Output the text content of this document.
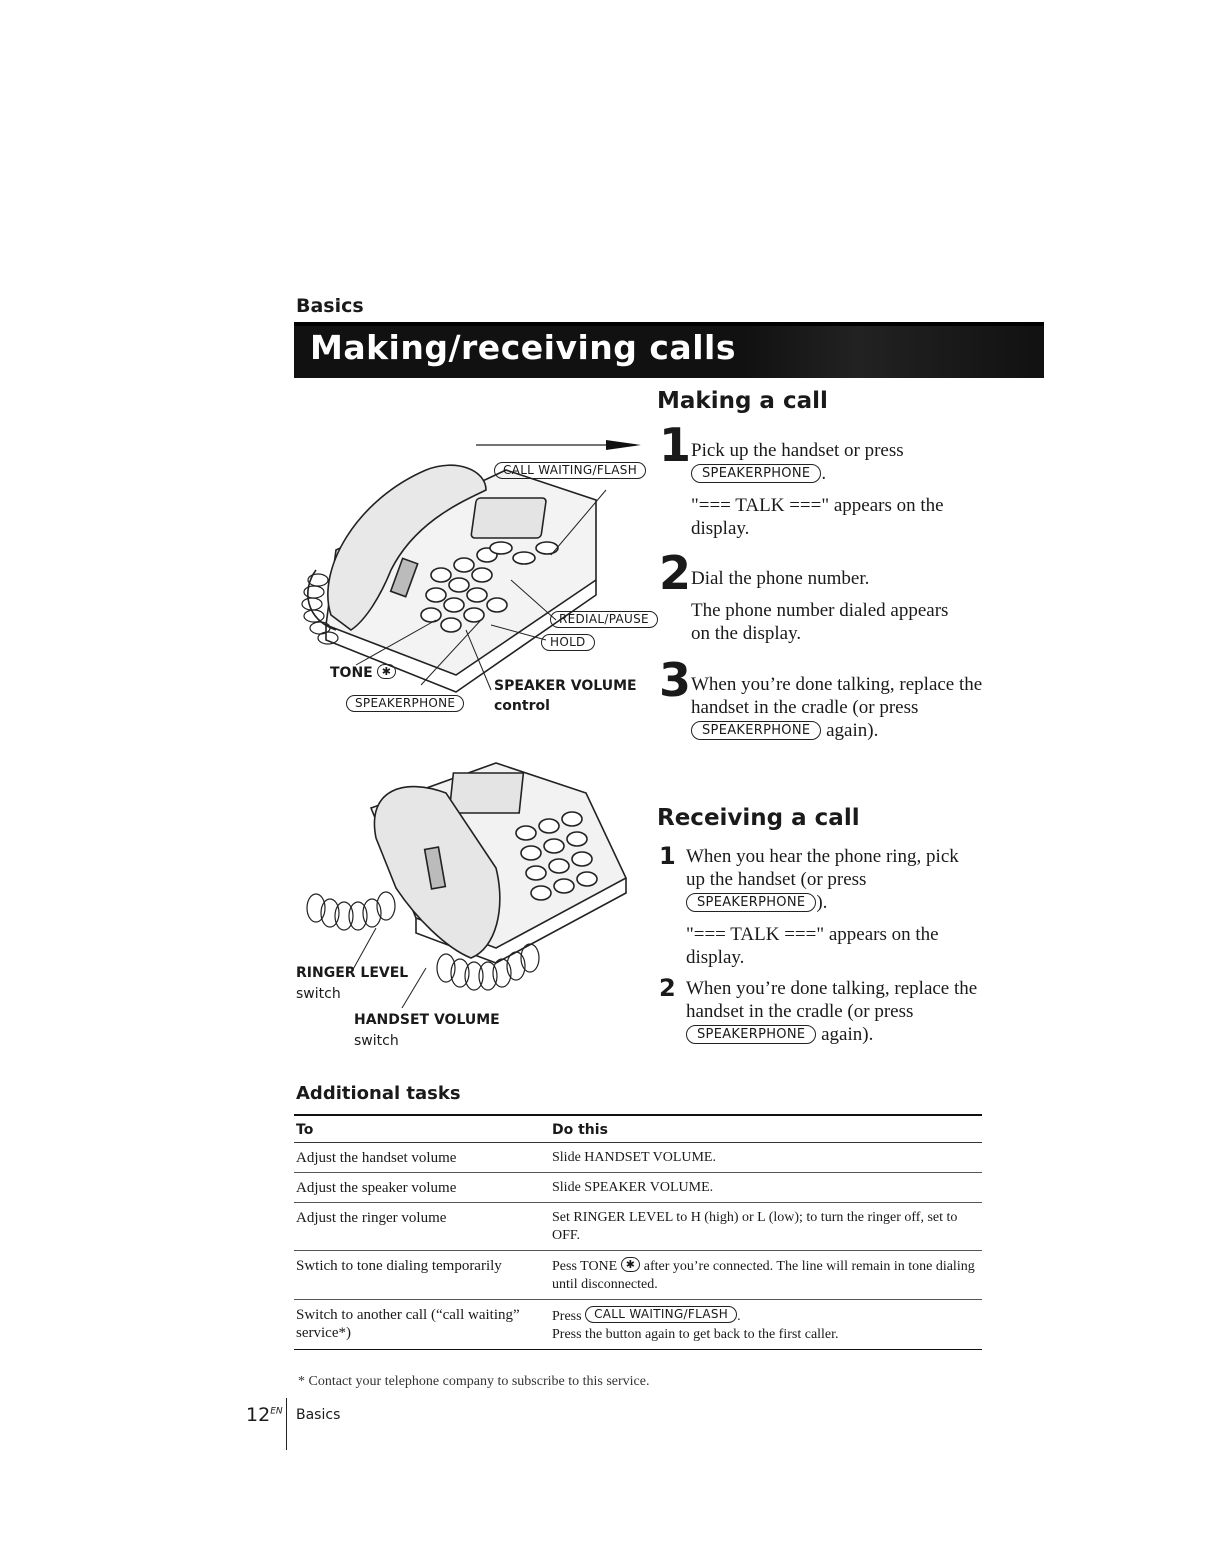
Basics
Making/receiving calls
CALL WAITING/FLASH
REDIAL/PAUSE
HOLD
TONE ✱
SPEAKERPHONE
SPEAKER VOLUME
control
RINGER LEVEL
switch
HANDSET VOLUME
switch
Making a call
1 Pick up the handset or press
SPEAKERPHONE .
"=== TALK ===" appears on the display.
2 Dial the phone number.
The phone number dialed appears on the display.
3 When you’re done talking, replace the handset in the cradle (or press SPEAKERPHONE again).
Receiving a call
1 When you hear the phone ring, pick up the handset (or press SPEAKERPHONE ).
"=== TALK ===" appears on the display.
2 When you’re done talking, replace the handset in the cradle (or press SPEAKERPHONE again).
Additional tasks
To	Do this
Adjust the handset volume	Slide HANDSET VOLUME.
Adjust the speaker volume	Slide SPEAKER VOLUME.
Adjust the ringer volume	Set RINGER LEVEL to H (high) or L (low); to turn the ringer off, set to OFF.
Swtich to tone dialing temporarily	Pess TONE ✱ after you’re connected. The line will remain in tone dialing until disconnected.
Switch to another call (“call waiting” service*)	Press CALL WAITING/FLASH .
Press the button again to get back to the first caller.
* Contact your telephone company to subscribe to this service.
$12^{EN}$ Basics
